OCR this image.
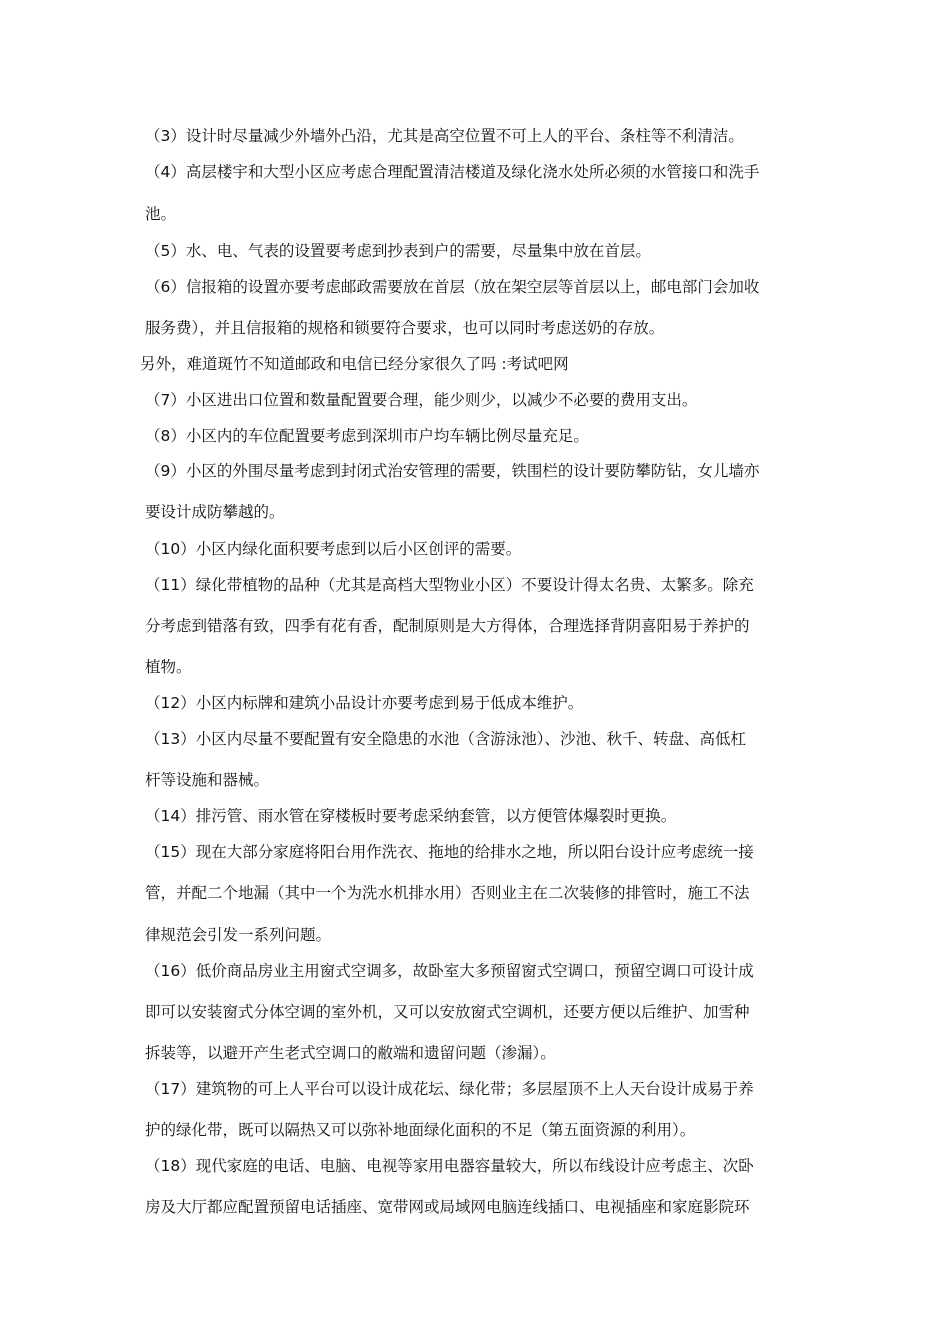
（3）设计时尽量减少外墙外凸沿，尤其是高空位置不可上人的平台、条柱等不利清洁。
（4）高层楼宇和大型小区应考虑合理配置清洁楼道及绿化浇水处所必须的水管接口和洗手
池。
（5）水、电、气表的设置要考虑到抄表到户的需要，尽量集中放在首层。
（6）信报箱的设置亦要考虑邮政需要放在首层（放在架空层等首层以上，邮电部门会加收
服务费），并且信报箱的规格和锁要符合要求，也可以同时考虑送奶的存放。
另外，难道斑竹不知道邮政和电信已经分家很久了吗 :考试吧网
（7）小区进出口位置和数量配置要合理，能少则少，以减少不必要的费用支出。
（8）小区内的车位配置要考虑到深圳市户均车辆比例尽量充足。
（9）小区的外围尽量考虑到封闭式治安管理的需要，铁围栏的设计要防攀防钻，女儿墙亦
要设计成防攀越的。
（10）小区内绿化面积要考虑到以后小区创评的需要。
（11）绿化带植物的品种（尤其是高档大型物业小区）不要设计得太名贵、太繁多。除充
分考虑到错落有致，四季有花有香，配制原则是大方得体，合理选择背阴喜阳易于养护的
植物。
（12）小区内标牌和建筑小品设计亦要考虑到易于低成本维护。
（13）小区内尽量不要配置有安全隐患的水池（含游泳池）、沙池、秋千、转盘、高低杠
杆等设施和器械。
（14）排污管、雨水管在穿楼板时要考虑采纳套管，以方便管体爆裂时更换。
（15）现在大部分家庭将阳台用作洗衣、拖地的给排水之地，所以阳台设计应考虑统一接
管，并配二个地漏（其中一个为洗水机排水用）否则业主在二次装修的排管时，施工不法
律规范会引发一系列问题。
（16）低价商品房业主用窗式空调多，故卧室大多预留窗式空调口，预留空调口可设计成
即可以安装窗式分体空调的室外机，又可以安放窗式空调机，还要方便以后维护、加雪种
拆装等，以避开产生老式空调口的敝端和遗留问题（渗漏）。
（17）建筑物的可上人平台可以设计成花坛、绿化带；多层屋顶不上人天台设计成易于养
护的绿化带，既可以隔热又可以弥补地面绿化面积的不足（第五面资源的利用）。
（18）现代家庭的电话、电脑、电视等家用电器容量较大，所以布线设计应考虑主、次卧
房及大厅都应配置预留电话插座、宽带网或局域网电脑连线插口、电视插座和家庭影院环
